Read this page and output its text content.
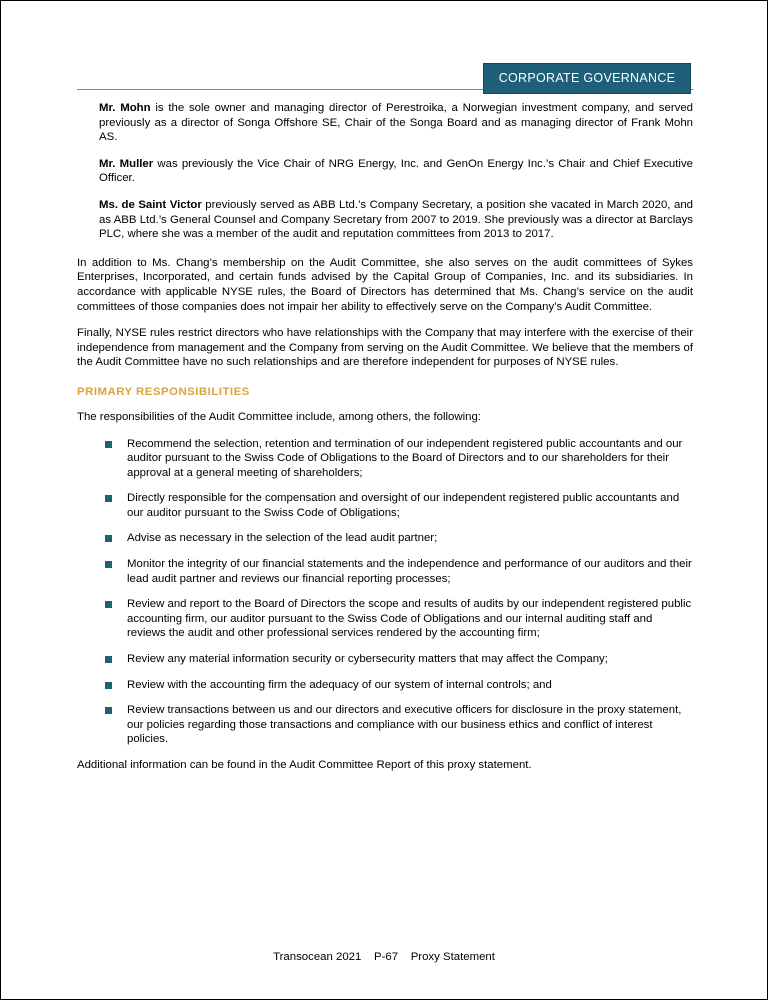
CORPORATE GOVERNANCE

Mr. Mohn is the sole owner and managing director of Perestroika, a Norwegian investment company, and served previously as a director of Songa Offshore SE, Chair of the Songa Board and as managing director of Frank Mohn AS.

Mr. Muller was previously the Vice Chair of NRG Energy, Inc. and GenOn Energy Inc.’s Chair and Chief Executive Officer.

Ms. de Saint Victor previously served as ABB Ltd.’s Company Secretary, a position she vacated in March 2020, and as ABB Ltd.’s General Counsel and Company Secretary from 2007 to 2019. She previously was a director at Barclays PLC, where she was a member of the audit and reputation committees from 2013 to 2017.

In addition to Ms. Chang’s membership on the Audit Committee, she also serves on the audit committees of Sykes Enterprises, Incorporated, and certain funds advised by the Capital Group of Companies, Inc. and its subsidiaries. In accordance with applicable NYSE rules, the Board of Directors has determined that Ms. Chang’s service on the audit committees of those companies does not impair her ability to effectively serve on the Company’s Audit Committee.

Finally, NYSE rules restrict directors who have relationships with the Company that may interfere with the exercise of their independence from management and the Company from serving on the Audit Committee. We believe that the members of the Audit Committee have no such relationships and are therefore independent for purposes of NYSE rules.

PRIMARY RESPONSIBILITIES

The responsibilities of the Audit Committee include, among others, the following:

Recommend the selection, retention and termination of our independent registered public accountants and our auditor pursuant to the Swiss Code of Obligations to the Board of Directors and to our shareholders for their approval at a general meeting of shareholders;
Directly responsible for the compensation and oversight of our independent registered public accountants and our auditor pursuant to the Swiss Code of Obligations;
Advise as necessary in the selection of the lead audit partner;
Monitor the integrity of our financial statements and the independence and performance of our auditors and their lead audit partner and reviews our financial reporting processes;
Review and report to the Board of Directors the scope and results of audits by our independent registered public accounting firm, our auditor pursuant to the Swiss Code of Obligations and our internal auditing staff and reviews the audit and other professional services rendered by the accounting firm;
Review any material information security or cybersecurity matters that may affect the Company;
Review with the accounting firm the adequacy of our system of internal controls; and
Review transactions between us and our directors and executive officers for disclosure in the proxy statement, our policies regarding those transactions and compliance with our business ethics and conflict of interest policies.

Additional information can be found in the Audit Committee Report of this proxy statement.

Transocean 2021    P-67    Proxy Statement
